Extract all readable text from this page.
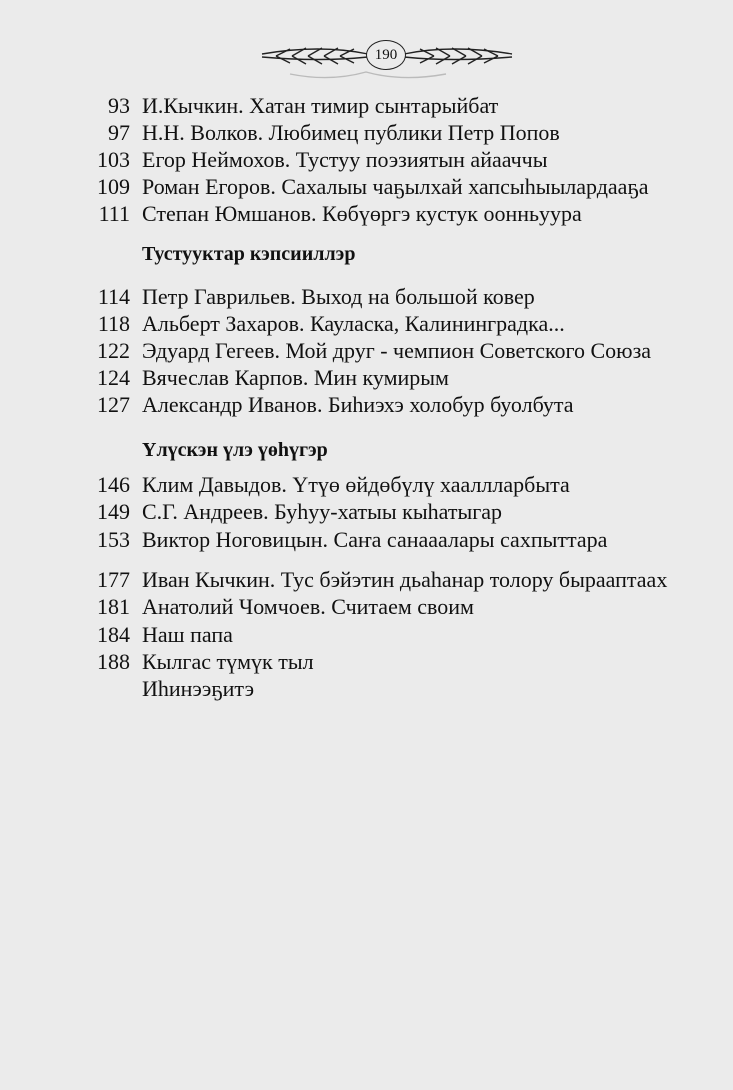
190

93 И.Кычкин. Хатан тимир сынтарыйбат
97 Н.Н. Волков. Любимец публики Петр Попов
103 Егор Неймохов. Тустуу поэзиятын айааччы
109 Роман Егоров. Сахалыы чаҕылхай хапсыһыылардааҕа
111 Степан Юмшанов. Көбүөргэ кустук оонньуура
Тустууктар кэпсииллэр
114 Петр Гаврильев. Выход на большой ковер
118 Альберт Захаров. Кауласка, Калининградка...
122 Эдуард Гегеев. Мой друг - чемпион Советского Союза
124 Вячеслав Карпов. Мин кумирым
127 Александр Иванов. Биһиэхэ холобур буолбута
Үлүскэн үлэ үөһүгэр
146 Клим Давыдов. Үтүө өйдөбүлү хааллларбыта
149 С.Г. Андреев. Буһуу-хатыы кыһатыгар
153 Виктор Ноговицын. Саҥа санааалары сахпыттара
177 Иван Кычкин. Тус бэйэтин дьаһанар толору бырааптаах
181 Анатолий Чомчоев. Считаем своим
184 Наш папа
188 Кылгас түмүк тыл
Иһинээҕитэ
